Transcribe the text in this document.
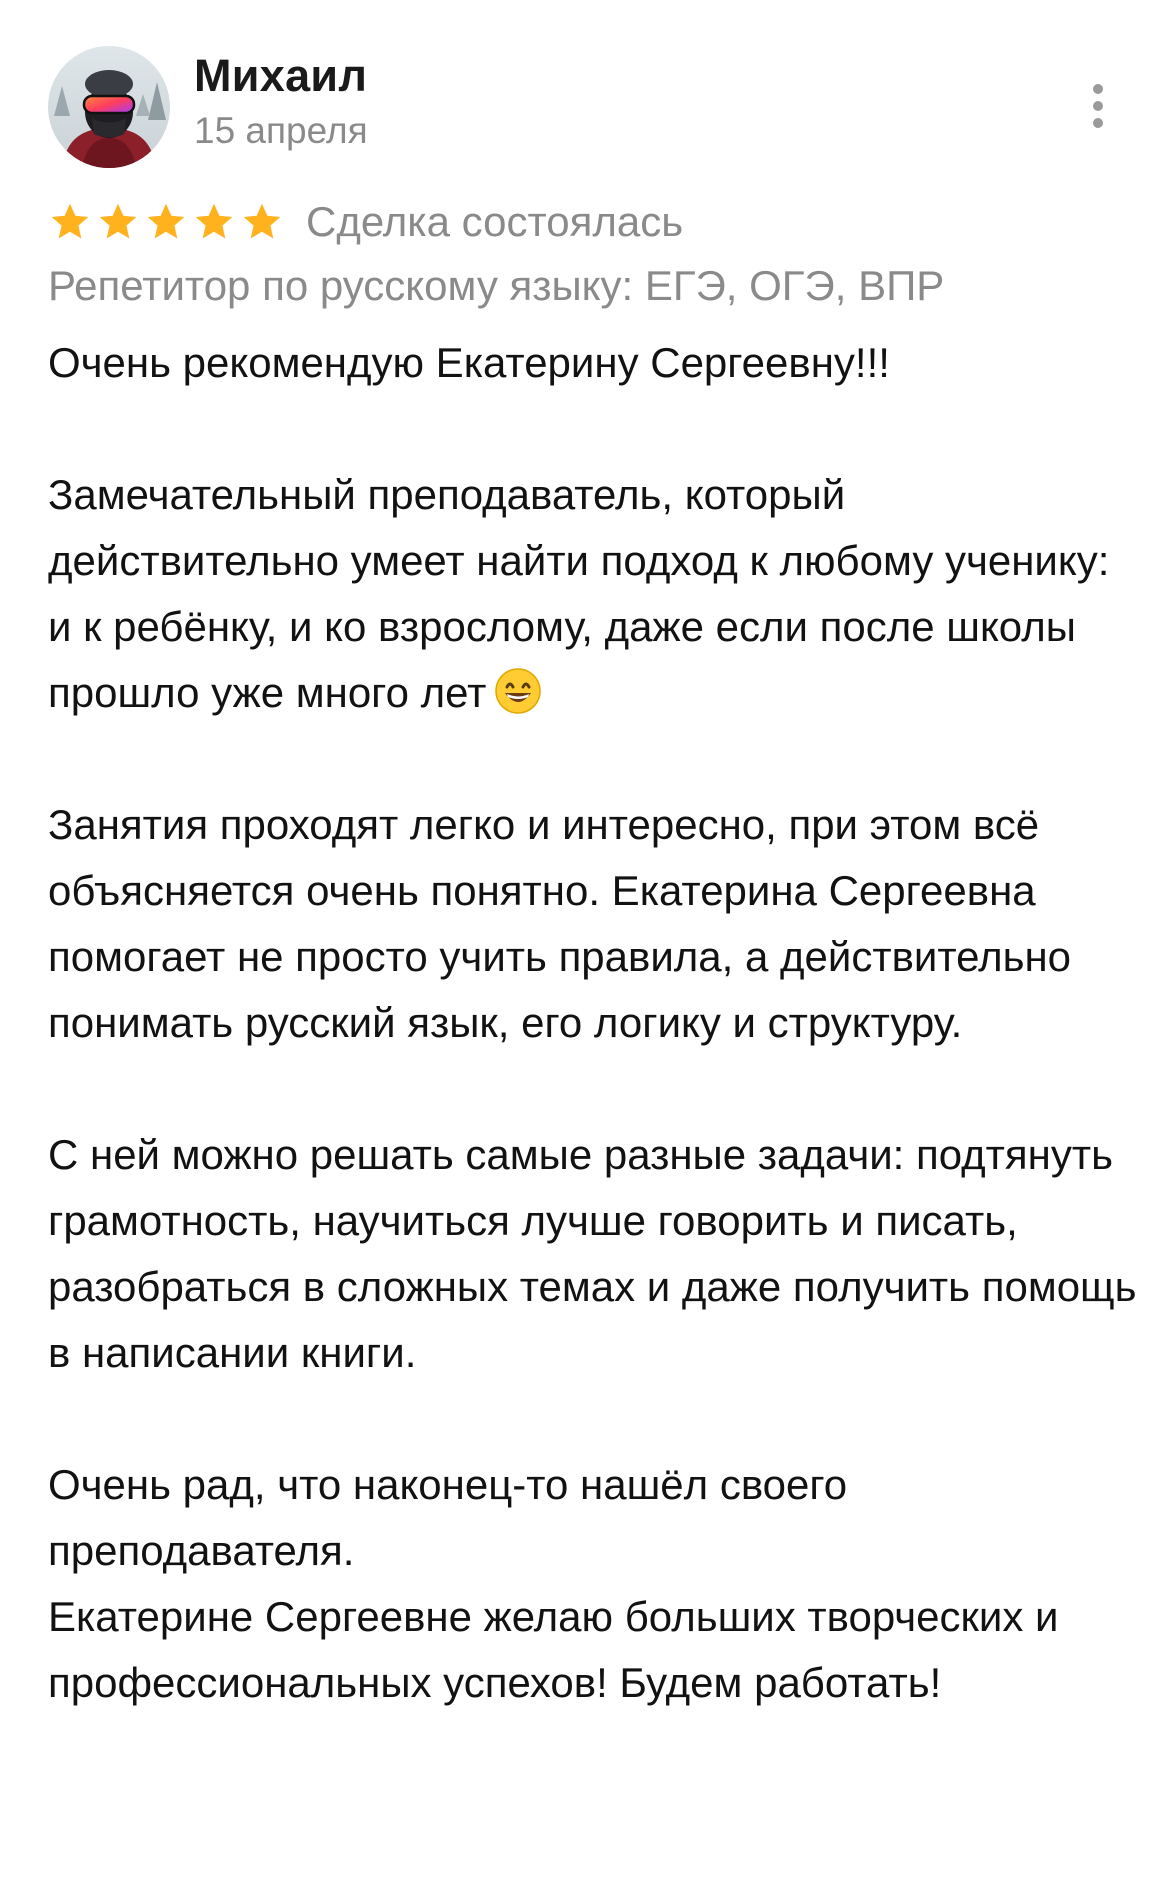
Михаил
15 апреля
Сделка состоялась
Репетитор по русскому языку: ЕГЭ, ОГЭ, ВПР

Очень рекомендую Екатерину Сергеевну!!!

Замечательный преподаватель, который действительно умеет найти подход к любому ученику: и к ребёнку, и ко взрослому, даже если после школы прошло уже много лет

Занятия проходят легко и интересно, при этом всё объясняется очень понятно. Екатерина Сергеевна помогает не просто учить правила, а действительно понимать русский язык, его логику и структуру.

С ней можно решать самые разные задачи: подтянуть грамотность, научиться лучше говорить и писать, разобраться в сложных темах и даже получить помощь в написании книги.

Очень рад, что наконец-то нашёл своего преподавателя.

Екатерине Сергеевне желаю больших творческих и профессиональных успехов! Будем работать!
